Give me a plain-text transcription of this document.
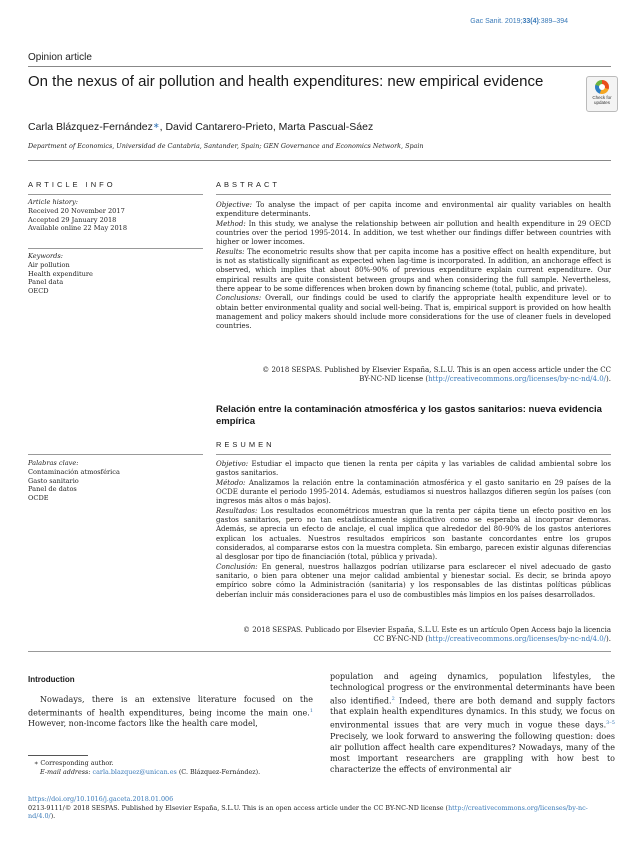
Gac Sanit. 2019;33(4):389–394
Opinion article
On the nexus of air pollution and health expenditures: new empirical evidence
Check for
updates
Carla Blázquez-Fernández∗, David Cantarero-Prieto, Marta Pascual-Sáez
Department of Economics, Universidad de Cantabria, Santander, Spain; GEN Governance and Economics Network, Spain
ARTICLE INFO
Article history:
Received 20 November 2017
Accepted 29 January 2018
Available online 22 May 2018
Keywords:
Air pollution
Health expenditure
Panel data
OECD
ABSTRACT

Objective: To analyse the impact of per capita income and environmental air quality variables on health expenditure determinants.

Method: In this study, we analyse the relationship between air pollution and health expenditure in 29 OECD countries over the period 1995-2014. In addition, we test whether our findings differ between countries with higher or lower incomes.

Results: The econometric results show that per capita income has a positive effect on health expenditure, but is not as statistically significant as expected when lag-time is incorporated. In addition, an anchorage effect is observed, which implies that about 80%-90% of previous expenditure explain current expenditure. Our empirical results are quite consistent between groups and when considering the full sample. Nevertheless, there appear to be some differences when broken down by financing scheme (total, public, and private).

Conclusions: Overall, our findings could be used to clarify the appropriate health expenditure level or to obtain better environmental quality and social well-being. That is, empirical support is provided on how health management and policy makers should include more considerations for the use of cleaner fuels in developed countries.

© 2018 SESPAS. Published by Elsevier España, S.L.U. This is an open access article under the CC
BY-NC-ND license (http://creativecommons.org/licenses/by-nc-nd/4.0/).
Relación entre la contaminación atmosférica y los gastos sanitarios: nueva evidencia empírica
RESUMEN
Palabras clave:
Contaminación atmosférica
Gasto sanitario
Panel de datos
OCDE

Objetivo: Estudiar el impacto que tienen la renta per cápita y las variables de calidad ambiental sobre los gastos sanitarios.

Método: Analizamos la relación entre la contaminación atmosférica y el gasto sanitario en 29 países de la OCDE durante el periodo 1995-2014. Además, estudiamos si nuestros hallazgos difieren según los países (con ingresos más altos o más bajos).

Resultados: Los resultados econométricos muestran que la renta per cápita tiene un efecto positivo en los gastos sanitarios, pero no tan estadísticamente significativo como se esperaba al incorporar demoras. Además, se aprecia un efecto de anclaje, el cual implica que alrededor del 80-90% de los gastos anteriores explican los actuales. Nuestros resultados empíricos son bastante concordantes entre los grupos considerados, al compararse estos con la muestra completa. Sin embargo, parecen existir algunas diferencias al desglosar por tipo de financiación (total, pública y privada).

Conclusión: En general, nuestros hallazgos podrían utilizarse para esclarecer el nivel adecuado de gasto sanitario, o bien para obtener una mejor calidad ambiental y bienestar social. Es decir, se brinda apoyo empírico sobre cómo la Administración (sanitaria) y los responsables de las distintas políticas públicas deberían incluir más consideraciones para el uso de combustibles más limpios en los países desarrollados.

© 2018 SESPAS. Publicado por Elsevier España, S.L.U. Este es un artículo Open Access bajo la licencia
CC BY-NC-ND (http://creativecommons.org/licenses/by-nc-nd/4.0/).
Introduction

Nowadays, there is an extensive literature focused on the determinants of health expenditures, being income the main one.$^1$ However, non-income factors like the health care model,

population and ageing dynamics, population lifestyles, the technological progress or the environmental determinants have been also identified.$^2$ Indeed, there are both demand and supply factors that explain health expenditures dynamics. In this study, we focus on environmental issues that are very much in vogue these days.$^{3-5}$ Precisely, we look forward to answering the following question: does air pollution affect health care expenditures? Nowadays, many of the most important researchers are grappling with how best to characterize the effects of environmental air

∗ Corresponding author.
E-mail address: carla.blazquez@unican.es (C. Blázquez-Fernández).
https://doi.org/10.1016/j.gaceta.2018.01.006
0213-9111/© 2018 SESPAS. Published by Elsevier España, S.L.U. This is an open access article under the CC BY-NC-ND license (http://creativecommons.org/licenses/by-nc-nd/4.0/).
